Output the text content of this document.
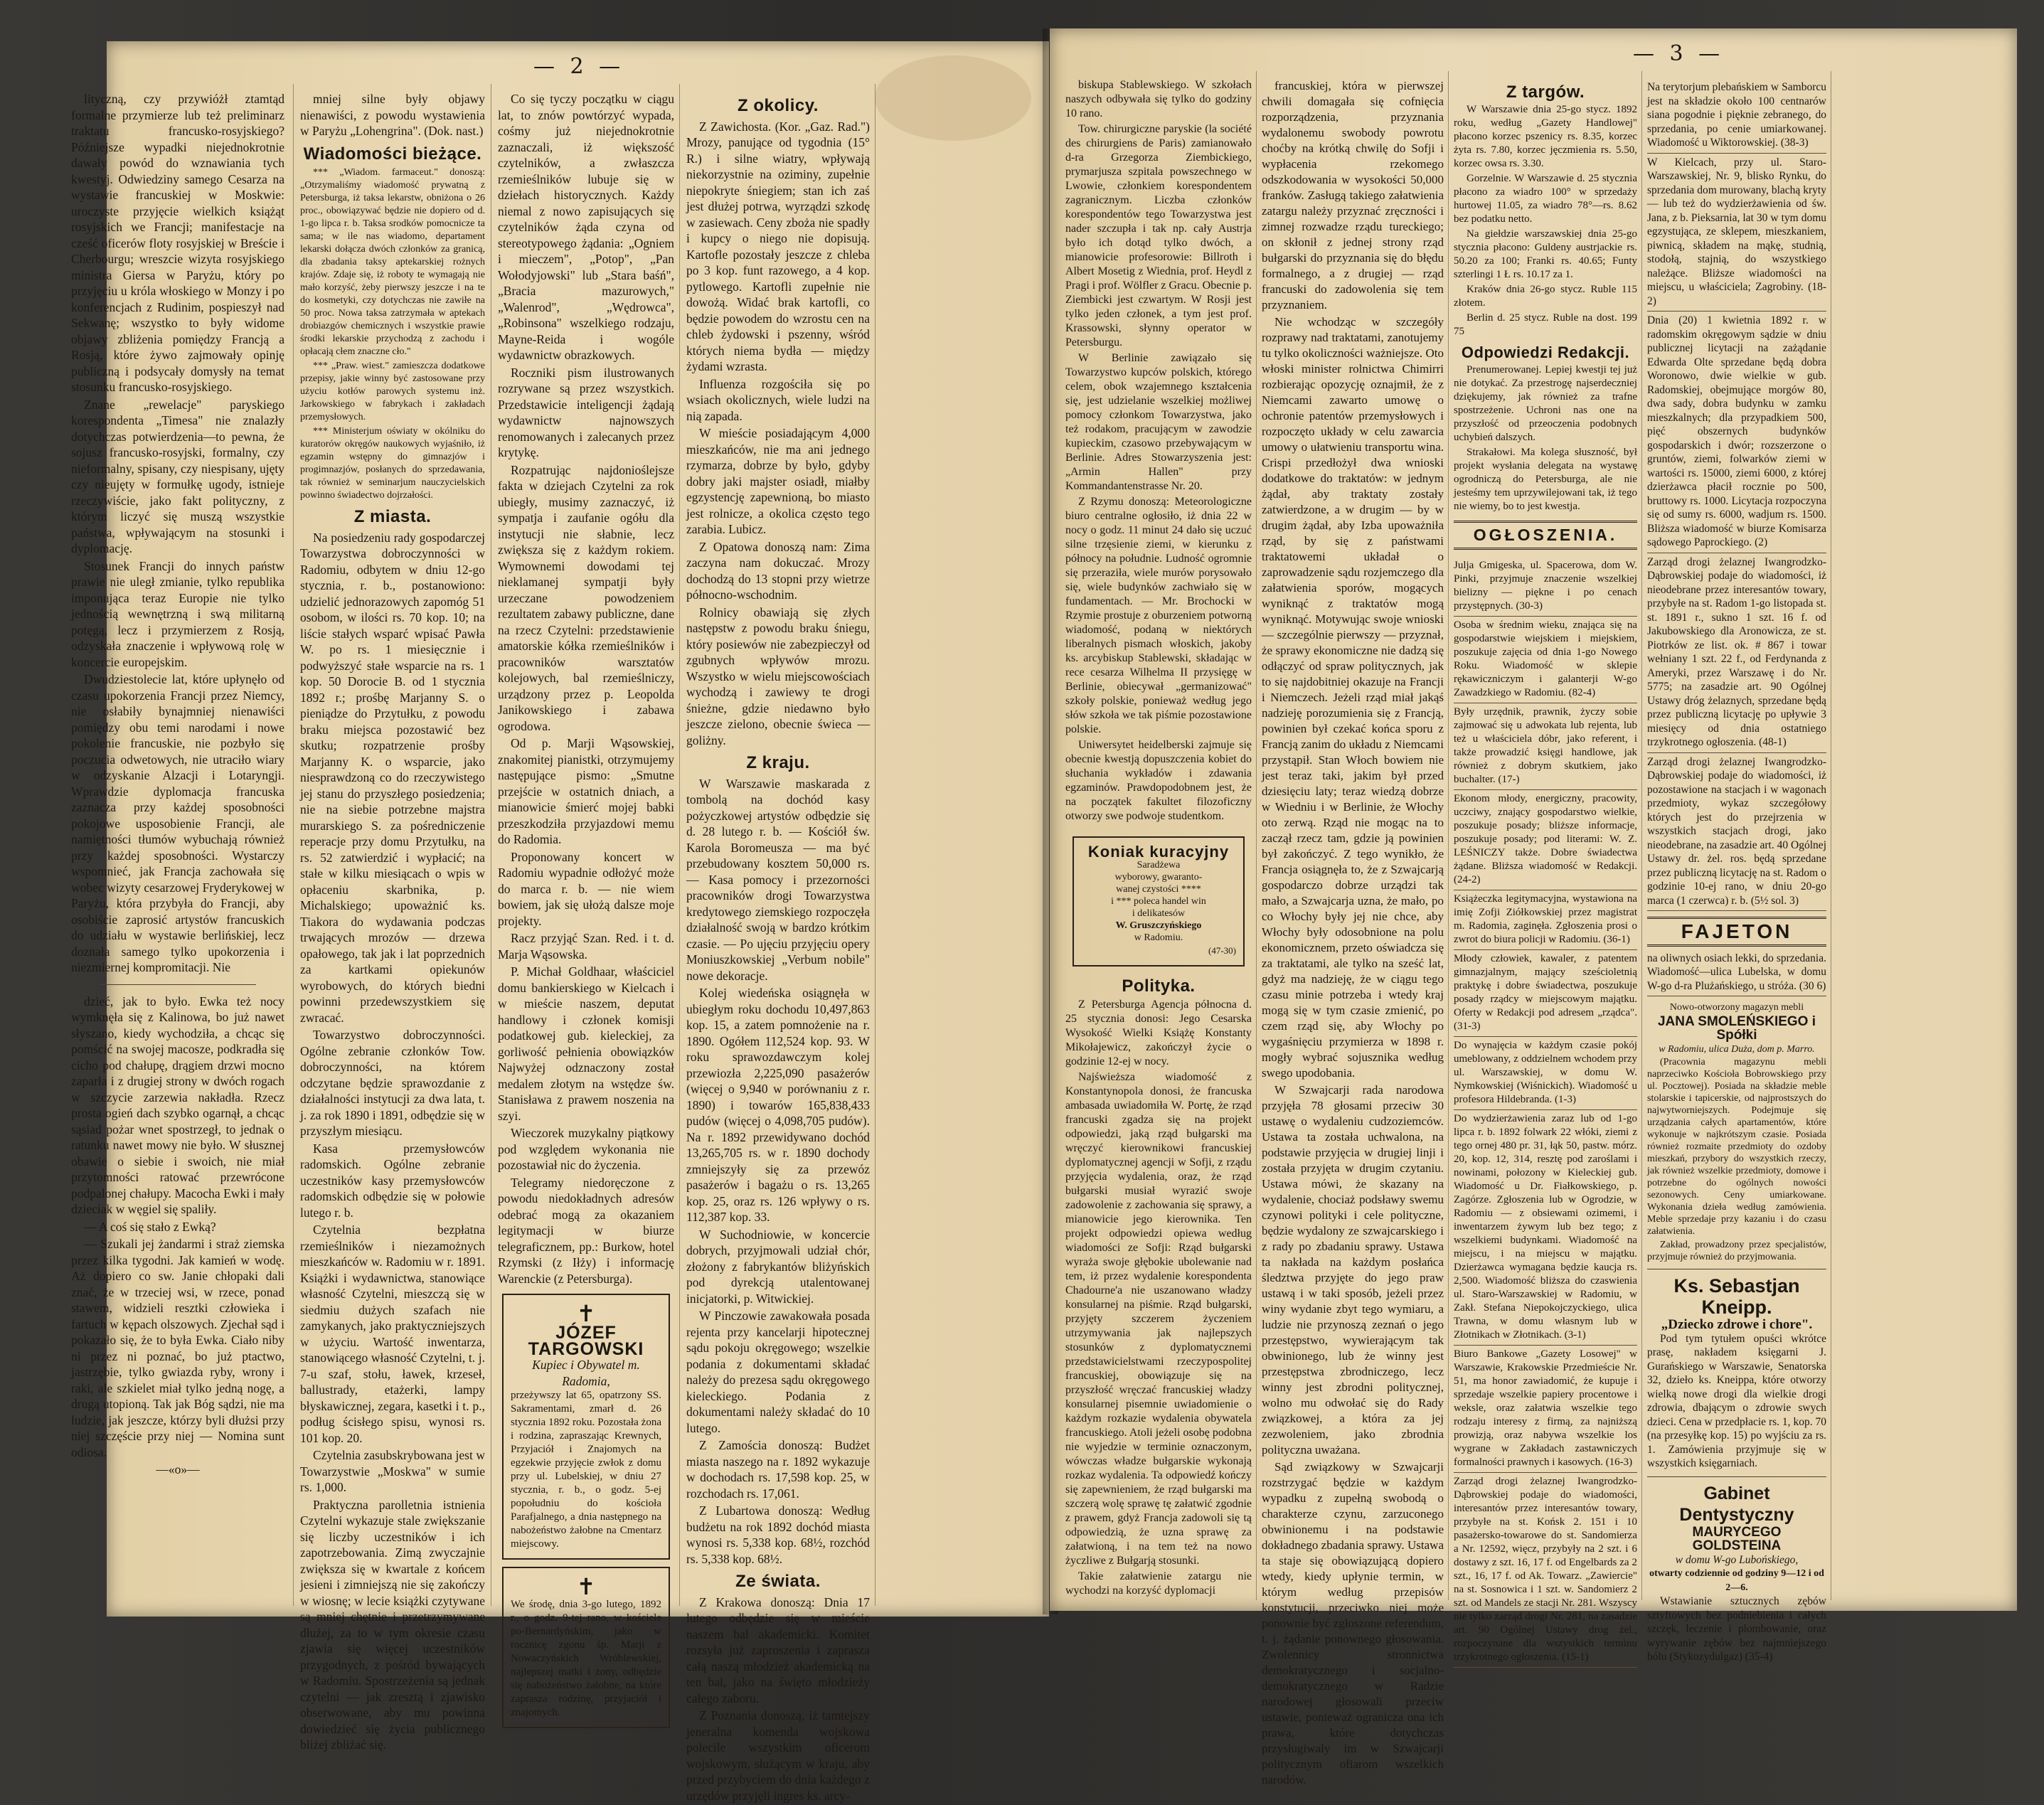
— 2 —

lityczną, czy przywióżł ztamtąd formalne przymierze lub też preliminarz traktatu francusko-rosyjskiego? Późniejsze wypadki niejednokrotnie dawały powód do wznawiania tych kwestyj. Odwiedziny samego Cesarza na wystawie francuskiej w Moskwie: uroczyste przyjęcie wielkich książąt rosyjskich we Francji; manifestacje na cześć oficerów floty rosyjskiej w Breście i Cherbourgu; wreszcie wizyta rosyjskiego ministra Giersa w Paryżu, który po przyjęciu u króla włoskiego w Monzy i po konferencjach z Rudinim, pospieszył nad Sekwanę; wszystko to były widome objawy zbliżenia pomiędzy Francją a Rosją, które żywo zajmowały opinję publiczną i podsycały domysły na temat stosunku francusko-rosyjskiego.

Znane „rewelacje" paryskiego korespondenta „Timesa" nie znalazły dotychczas potwierdzenia—to pewna, że sojusz francusko-rosyjski, formalny, czy nieformalny, spisany, czy niespisany, ujęty czy nieujęty w formułkę ugody, istnieje rzeczywiście, jako fakt polityczny, z którym liczyć się muszą wszystkie państwa, wpływającym na stosunki i dyplomację.

Stosunek Francji do innych państw prawie nie uległ zmianie, tylko republika imponująca teraz Europie nie tylko jednością wewnętrzną i swą militarną potęgą, lecz i przymierzem z Rosją, odzyskała znaczenie i wpływową rolę w koncercie europejskim.

Dwudziestolecie lat, które upłynęło od czasu upokorzenia Francji przez Niemcy, nie osłabiły bynajmniej nienawiści pomiędzy obu temi narodami i nowe pokolenie francuskie, nie pozbyło się poczucia odwetowych, nie utraciło wiary w odzyskanie Alzacji i Lotaryngji. Wprawdzie dyplomacja francuska zaznacza przy każdej sposobności pokojowe usposobienie Francji, ale namiętności tłumów wybuchają również przy każdej sposobności. Wystarczy wspomnieć, jak Francja zachowała się wobec wizyty cesarzowej Fryderykowej w Paryżu, która przybyła do Francji, aby osobiście zaprosić artystów francuskich do udziału w wystawie berlińskiej, lecz doznała samego tylko upokorzenia i niezmiernej kompromitacji. Nie

dzieć, jak to było. Ewka też nocy wymknęła się z Kalinowa, bo już nawet słyszano, kiedy wychodziła, a chcąc się pomścić na swojej macosze, podkradła się cicho pod chałupę, drągiem drzwi mocno zaparła i z drugiej strony w dwóch rogach w szczycie zarzewia nakładła. Rzecz prosta ogień dach szybko ogarnął, a chcąc sąsiad pożar wnet spostrzegł, to jednak o ratunku nawet mowy nie było. W słusznej obawie o siebie i swoich, nie miał przytomności ratować przewrócone podpalonej chałupy. Macocha Ewki i mały dzieciak w węgiel się spaliły.

— A coś się stało z Ewką?

— Szukali jej żandarmi i straż ziemska przez kilka tygodni. Jak kamień w wodę. Aż dopiero co sw. Janie chłopaki dali znać, że w trzeciej wsi, w rzece, ponad stawem, widzieli resztki człowieka i fartuch w kępach olszowych. Zjechał sąd i pokazało się, że to była Ewka. Ciało niby ni przez ni poznać, bo już ptactwo, jastrzębie, tylko gwiazda ryby, wrony i raki, ale szkielet miał tylko jedną nogę, a drugą utopioną. Tak jak Bóg sądzi, nie ma ludzie, jak jeszcze, którzy byli dłużsi przy niej szczęście przy niej — Nomina sunt odiosa.

—«o»—

mniej silne były objawy nienawiści, z powodu wystawienia w Paryżu „Lohengrina". (Dok. nast.)

Wiadomości bieżące.

*** „Wiadom. farmaceut." donoszą: „Otrzymaliśmy wiadomość prywatną z Petersburga, iż taksa lekarstw, obniżona o 26 proc., obowiązywać będzie nie dopiero od d. 1-go lipca r. b. Taksa srodków pomocnicze ta sama; w ile nas wiadomo, departament lekarski dołącza dwóch członków za granicą, dla zbadania taksy aptekarskiej rożnych krajów. Zdaje się, iż roboty te wymagają nie mało korzyść, żeby pierwszy jeszcze i na te do kosmetyki, czy dotychczas nie zawiłe na 50 proc. Nowa taksa zatrzymała w aptekach drobiazgów chemicznych i wszystkie prawie środki lekarskie przychodzą z zachodu i opłacają cłem znaczne cło."

*** „Praw. wiest." zamieszcza dodatkowe przepisy, jakie winny być zastosowane przy użyciu kotłów parowych systemu inż. Jarkowskiego w fabrykach i zakładach przemysłowych.

*** Ministerjum oświaty w okólniku do kuratorów okręgów naukowych wyjaśniło, iż egzamin wstępny do gimnazjów i progimnazjów, posłanych do sprzedawania, tak również w seminarjum nauczycielskich powinno świadectwo dojrzałości.

Z miasta.

Na posiedzeniu rady gospodarczej Towarzystwa dobroczynności w Radomiu, odbytem w dniu 12-go stycznia, r. b., postanowiono: udzielić jednorazowych zapomóg 51 osobom, w ilości rs. 70 kop. 10; na liście stałych wsparć wpisać Pawła W. po rs. 1 miesięcznie i podwyższyć stałe wsparcie na rs. 1 kop. 50 Dorocie B. od 1 stycznia 1892 r.; prośbę Marjanny S. o pieniądze do Przytułku, z powodu braku miejsca pozostawić bez skutku; rozpatrzenie prośby Marjanny K. o wsparcie, jako niesprawdzoną co do rzeczywistego jej stanu do przyszłego posiedzenia; nie na siebie potrzebne majstra murarskiego S. za pośredniczenie reperacje przy domu Przytułku, na rs. 52 zatwierdzić i wypłacić; na stałe w kilku miesiącach o wpis w opłaceniu skarbnika, p. Michalskiego; upoważnić ks. Tiakora do wydawania podczas trwających mrozów — drzewa opałowego, tak jak i lat poprzednich za kartkami opiekunów wyrobowych, do których biedni powinni przedewszystkiem się zwracać.

Towarzystwo dobroczynności. Ogólne zebranie członków Tow. dobroczynności, na którem odczytane będzie sprawozdanie z działalności instytucji za dwa lata, t. j. za rok 1890 i 1891, odbędzie się w przyszłym miesiącu.

Kasa przemysłowców radomskich. Ogólne zebranie uczestników kasy przemysłowców radomskich odbędzie się w połowie lutego r. b.

Czytelnia bezpłatna rzemieślników i niezamożnych mieszkańców w. Radomiu w r. 1891. Książki i wydawnictwa, stanowiące własność Czytelni, mieszczą się w siedmiu dużych szafach nie zamykanych, jako praktyczniejszych w użyciu. Wartość inwentarza, stanowiącego własność Czytelni, t. j. 7-u szaf, stołu, ławek, krzeseł, ballustrady, etażerki, lampy błyskawicznej, zegara, kasetki i t. p., podług ścisłego spisu, wynosi rs. 101 kop. 20.

Czytelnia zasubskrybowana jest w Towarzystwie „Moskwa" w sumie rs. 1,000.

Praktyczna parolletnia istnienia Czytelni wykazuje stale zwiększanie się liczby uczestników i ich zapotrzebowania. Zimą zwyczajnie zwiększa się w kwartale z końcem jesieni i zimniejszą nie się zakończy w wiosnę; w lecie książki czytywane są mniej chętnie i przetrzymywane dłużej, za to w tym okresie czasu zjawia się więcej uczestników przygodnych, z pośród bywających w Radomiu. Spostrzeżenia są jednak czytelni — jak zresztą i zjawisko obserwowane, aby mu powinna dowiedzieć się życia publicznego bliżej zbliżać się.

Co się tyczy początku w ciągu lat, to znów powtórzyć wypada, cośmy już niejednokrotnie zaznaczali, iż większość czytelników, a zwłaszcza rzemieślników lubuje się w dziełach historycznych. Każdy niemal z nowo zapisujących się czytelników żąda czyna od stereotypowego żądania: „Ogniem i mieczem", „Potop", „Pan Wołodyjowski" lub „Stara baśń", „Bracia mazurowych," „Walenrod", „Wędrowca", „Robinsona" wszelkiego rodzaju, Mayne-Reida i wogóle wydawnictw obrazkowych.

Roczniki pism ilustrowanych rozrywane są przez wszystkich. Przedstawicie inteligencji żądają wydawnictw najnowszych renomowanych i zalecanych przez krytykę.

Rozpatrując najdonioślejsze fakta w dziejach Czytelni za rok ubiegły, musimy zaznaczyć, iż sympatja i zaufanie ogółu dla instytucji nie słabnie, lecz zwiększa się z każdym rokiem. Wymownemi dowodami tej nieklamanej sympatji były urzeczane powodzeniem rezultatem zabawy publiczne, dane na rzecz Czytelni: przedstawienie amatorskie kółka rzemieślników i pracowników warsztatów kolejowych, bal rzemieślniczy, urządzony przez p. Leopolda Janikowskiego i zabawa ogrodowa.

Od p. Marji Wąsowskiej, znakomitej pianistki, otrzymujemy następujące pismo: „Smutne przejście w ostatnich dniach, a mianowicie śmierć mojej babki przeszkodziła przyjazdowi memu do Radomia.

Proponowany koncert w Radomiu wypadnie odłożyć może do marca r. b. — nie wiem bowiem, jak się ułożą dalsze moje projekty.

Racz przyjąć Szan. Red. i t. d. Marja Wąsowska.

P. Michał Goldhaar, właściciel domu bankierskiego w Kielcach i w mieście naszem, deputat handlowy i członek komisji podatkowej gub. kieleckiej, za gorliwość pełnienia obowiązków Najwyżej odznaczony został medalem złotym na wstędze św. Stanisława z prawem noszenia na szyi.

Wieczorek muzykalny piątkowy pod względem wykonania nie pozostawiał nic do życzenia.

Telegramy niedoręczone z powodu niedokładnych adresów odebrać mogą za okazaniem legitymacji w biurze telegraficznem, pp.: Burkow, hotel Rzymski (z Iłży) i informację Warenckie (z Petersburga).

✝
JÓZEF TARGOWSKI
Kupiec i Obywatel m. Radomia,
przeżywszy lat 65, opatrzony SS. Sakramentami, zmarł d. 26 stycznia 1892 roku. Pozostała żona i rodzina, zapraszając Krewnych, Przyjaciół i Znajomych na egzekwie przyjęcie zwłok z domu przy ul. Lubelskiej, w dniu 27 stycznia, r. b., o godz. 5-ej popołudniu do kościoła Parafjalnego, a dnia następnego na nabożeństwo żałobne na Cmentarz miejscowy.
✝
We środę, dnia 3-go lutego, 1892 r., o godz. 9-tej rano, w kościele po-Bernardyńskim, jako w rocznicę zgonu śp. Marji z Nowaczyńskich Wróblewskiej, najlepszej matki i żony, odbędzie się nabożeństwo żałobne, na które zaprasza rodzinę, przyjaciół i znajomych.
Z okolicy.

Z Zawichosta. (Kor. „Gaz. Rad.") Mrozy, panujące od tygodnia (15° R.) i silne wiatry, wpływają niekorzystnie na oziminy, zupełnie niepokryte śniegiem; stan ich zaś jest dłużej potrwa, wyrządzi szkodę w zasiewach. Ceny zboża nie spadły i kupcy o niego nie dopisują. Kartofle pozostały jeszcze z chleba po 3 kop. funt razowego, a 4 kop. pytlowego. Kartofli zupełnie nie dowożą. Widać brak kartofli, co będzie powodem do wzrostu cen na chleb żydowski i pszenny, wśród których niema bydła — między żydami wzrasta.

Influenza rozgościła się po wsiach okolicznych, wiele ludzi na nią zapada.

W mieście posiadającym 4,000 mieszkańców, nie ma ani jednego rzymarza, dobrze by było, gdyby dobry jaki majster osiadł, miałby egzystencję zapewnioną, bo miasto jest rolnicze, a okolica często tego zarabia. Lubicz.

Z Opatowa donoszą nam: Zima zaczyna nam dokuczać. Mrozy dochodzą do 13 stopni przy wietrze północno-wschodnim.

Rolnicy obawiają się złych następstw z powodu braku śniegu, który posiewów nie zabezpieczył od zgubnych wpływów mrozu. Wszystko w wielu miejscowościach wychodzą i zawiewy te drogi śnieżne, gdzie niedawno było jeszcze zielono, obecnie świeca — goliżny.

Z kraju.

W Warszawie maskarada z tombolą na dochód kasy pożyczkowej artystów odbędzie się d. 28 lutego r. b. — Kościół św. Karola Boromeusza — ma być przebudowany kosztem 50,000 rs. — Kasa pomocy i przezorności pracowników drogi Towarzystwa kredytowego ziemskiego rozpoczęła działalność swoją w bardzo krótkim czasie. — Po ujęciu przyjęciu opery Moniuszkowskiej „Verbum nobile" nowe dekoracje.

Kolej wiedeńska osiągnęła w ubiegłym roku dochodu 10,497,863 kop. 15, a zatem pomnożenie na r. 1890. Ogółem 112,524 kop. 93. W roku sprawozdawczym kolej przewiozła 2,225,090 pasażerów (więcej o 9,940 w porównaniu z r. 1890) i towarów 165,838,433 pudów (więcej o 4,098,705 pudów). Na r. 1892 przewidywano dochód 13,265,705 rs. w r. 1890 dochody zmniejszyły się za przewóz pasażerów i bagażu o rs. 13,265 kop. 25, oraz rs. 126 wpływy o rs. 112,387 kop. 33.

W Suchodniowie, w koncercie dobrych, przyjmowali udział chór, złożony z fabrykantów bliżyńskich pod dyrekcją utalentowanej inicjatorki, p. Witwickiej.

W Pinczowie zawakowała posada rejenta przy kancelarji hipotecznej sądu pokoju okręgowego; wszelkie podania z dokumentami składać należy do prezesa sądu okręgowego kieleckiego. Podania z dokumentami należy składać do 10 lutego.

Z Zamościa donoszą: Budżet miasta naszego na r. 1892 wykazuje w dochodach rs. 17,598 kop. 25, w rozchodach rs. 17,061.

Z Lubartowa donoszą: Według budżetu na rok 1892 dochód miasta wynosi rs. 5,338 kop. 68½, rozchód rs. 5,338 kop. 68½.

Ze świata.

Z Krakowa donoszą: Dnia 17 lutego odbędzie się w mieście naszem bal akademicki. Komitet rozsyła już zaproszenia i zaprasza całą naszą młodzież akademicką na ten bal, jako na święto młodzieży całego zaboru.

Z Poznania donoszą, iż tamtejszy jeneralna komenda wojskowa polecile wszystkim oficerom wojskowym, służącym w kraju, aby przed przybyciem do dnia każdego z urzędów przyjęli ingres ks. arcy-

— 3 —

biskupa Stablewskiego. W szkołach naszych odbywała się tylko do godziny 10 rano.

Tow. chirurgiczne paryskie (la société des chirurgiens de Paris) zamianowało d-ra Grzegorza Ziembickiego, prymarjusza szpitala powszechnego w Lwowie, członkiem korespondentem zagranicznym. Liczba członków korespondentów tego Towarzystwa jest nader szczupła i tak np. cały Austrja było ich dotąd tylko dwóch, a mianowicie profesorowie: Billroth i Albert Mosetig z Wiednia, prof. Heydl z Pragi i prof. Wölfler z Gracu. Obecnie p. Ziembicki jest czwartym. W Rosji jest tylko jeden członek, a tym jest prof. Krassowski, słynny operator w Petersburgu.

W Berlinie zawiązało się Towarzystwo kupców polskich, którego celem, obok wzajemnego kształcenia się, jest udzielanie wszelkiej możliwej pomocy członkom Towarzystwa, jako też rodakom, pracującym w zawodzie kupieckim, czasowo przebywającym w Berlinie. Adres Stowarzyszenia jest: „Armin Hallen" przy Kommandantenstrasse Nr. 20.

Z Rzymu donoszą: Meteorologiczne biuro centralne ogłosiło, iż dnia 22 w nocy o godz. 11 minut 24 dało się uczuć silne trzęsienie ziemi, w kierunku z północy na południe. Ludność ogromnie się przeraziła, wiele murów porysowało się, wiele budynków zachwiało się w fundamentach. — Mr. Brochocki w Rzymie prostuje z oburzeniem potworną wiadomość, podaną w niektórych liberalnych pismach włoskich, jakoby ks. arcybiskup Stablewski, składając w rece cesarza Wilhelma II przysięgę w Berlinie, obiecywał „germanizować" szkoły polskie, ponieważ według jego słów szkoła we tak piśmie pozostawione polskie.

Uniwersytet heidelberski zajmuje się obecnie kwestją dopuszczenia kobiet do słuchania wykładów i zdawania egzaminów. Prawdopodobnem jest, że na początek fakultet filozoficzny otworzy swe podwoje studentkom.

Koniak kuracyjny
Saradżewa
wyborowy, gwaranto-
wanej czystości ****
i *** poleca handel win
i delikatesów
W. Gruszczyńskiego
w Radomiu.
(47-30)
Polityka.

Z Petersburga Agencja północna d. 25 stycznia donosi: Jego Cesarska Wysokość Wielki Książę Konstanty Mikołajewicz, zakończył życie o godzinie 12-ej w nocy.

Najświeższa wiadomość z Konstantynopola donosi, że francuska ambasada uwiadomiła W. Portę, że rząd francuski zgadza się na projekt odpowiedzi, jaką rząd bułgarski ma wręczyć kierownikowi francuskiej dyplomatycznej agencji w Sofji, z rządu przyjęcia wydalenia, oraz, że rząd bułgarski musiał wyrazić swoje zadowolenie z zachowania się sprawy, a mianowicie jego kierownika. Ten projekt odpowiedzi opiewa według wiadomości ze Sofji: Rząd bułgarski wyraża swoje głębokie ubolewanie nad tem, iż przez wydalenie korespondenta Chadourne'a nie uszanowano władzy konsularnej na piśmie. Rząd bułgarski, przyjęty szczerem życzeniem utrzymywania jak najlepszych stosunków z dyplomatycznemi przedstawicielstwami rzeczypospolitej francuskiej, obowiązuje się na przyszłość wręczać francuskiej władzy konsularnej pisemnie uwiadomienie o każdym rozkazie wydalenia obywatela francuskiego. Atoli jeżeli osobę podobna nie wyjedzie w terminie oznaczonym, wówczas władze bułgarskie wykonają rozkaz wydalenia. Ta odpowiedź kończy się zapewnieniem, że rząd bułgarski ma szczerą wolę sprawę tę załatwić zgodnie z prawem, gdyż Francja zadowoli się tą odpowiedzią, że uzna sprawę za załatwioną, i na tem też na nowo życzliwe z Bułgarją stosunki.

Takie załatwienie zatargu nie wychodzi na korzyść dyplomacji

francuskiej, która w pierwszej chwili domagała się cofnięcia rozporządzenia, przyznania wydalonemu swobody powrotu choćby na krótką chwilę do Sofji i wypłacenia rzekomego odszkodowania w wysokości 50,000 franków. Zasługą takiego załatwienia zatargu należy przyznać zręczności i zimnej rozwadze rządu tureckiego; on skłonił z jednej strony rząd bułgarski do przyznania się do błędu formalnego, a z drugiej — rząd francuski do zadowolenia się tem przyznaniem.

Nie wchodząc w szczegóły rozprawy nad traktatami, zanotujemy tu tylko okoliczności ważniejsze. Oto włoski minister rolnictwa Chimirri rozbierając opozycję oznajmił, że z Niemcami zawarto umowę o ochronie patentów przemysłowych i rozpoczęto układy w celu zawarcia umowy o ułatwieniu transportu wina. Crispi przedłożył dwa wnioski dodatkowe do traktatów: w jednym żądał, aby traktaty zostały zatwierdzone, a w drugim — by w drugim żądał, aby Izba upoważniła rząd, by się z państwami traktatowemi układał o zaprowadzenie sądu rozjemczego dla załatwienia sporów, mogących wyniknąć z traktatów mogą wyniknąć. Motywując swoje wnioski — szczególnie pierwszy — przyznał, że sprawy ekonomiczne nie dadzą się odłączyć od spraw politycznych, jak to się najdobitniej okazuje na Francji i Niemczech. Jeżeli rząd miał jakąś nadzieję porozumienia się z Francją, powinien był czekać końca sporu z Francją zanim do układu z Niemcami przystąpił. Stan Włoch bowiem nie jest teraz taki, jakim był przed dziesięciu laty; teraz wiedzą dobrze w Wiedniu i w Berlinie, że Włochy oto zerwą. Rząd nie mogąc na to zaczął rzecz tam, gdzie ją powinien był zakończyć. Z tego wynikło, że Francja osiągnęła to, że z Szwajcarją gospodarczo dobrze urządzi tak mało, a Szwajcarja uzna, że mało, po co Włochy były jej nie chce, aby Włochy były odosobnione na polu ekonomicznem, przeto oświadcza się za traktatami, ale tylko na sześć lat, gdyż ma nadzieję, że w ciągu tego czasu minie potrzeba i wtedy kraj mogą się w tym czasie zmienić, po czem rząd się, aby Włochy po wygaśnięciu przymierza w 1898 r. mogły wybrać sojusznika według swego upodobania.

W Szwajcarji rada narodowa przyjęła 78 głosami przeciw 30 ustawę o wydaleniu cudzoziemców. Ustawa ta została uchwalona, na podstawie przyjęcia w drugiej linji i została przyjęta w drugim czytaniu. Ustawa mówi, że skazany na wydalenie, chociaż podsławy swemu czynowi polityki i cele polityczne, będzie wydalony ze szwajcarskiego i z rady po zbadaniu sprawy. Ustawa ta nakłada na każdym posłańca śledztwa przyjęte do jego praw ustawą i w taki sposób, jeżeli przez winy wydanie zbyt tego wymiaru, a ludzie nie przynoszą zeznań o jego przestępstwo, wywierającym tak obwinionego, lub że winny jest przestępstwa zbrodniczego, lecz winny jest zbrodni politycznej, wolno mu odwołać się do Rady związkowej, a która za jej zezwoleniem, jako zbrodnia polityczna uważana.

Sąd związkowy w Szwajcarji rozstrzygać będzie w każdym wypadku z zupełną swobodą o charakterze czynu, zarzuconego obwinionemu i na podstawie dokładnego zbadania sprawy. Ustawa ta staje się obowiązującą dopiero wtedy, kiedy upłynie termin, w którym według przepisów konstytucji, przeciwko niej może ponownie być zgłoszone referendum, t. j. żądanie ponownego głosowania. Zwolennicy stronnictwa demokratycznego i socjalno-demokratycznego w Radzie narodowej głosowali przeciw ustawie, ponieważ ogranicza ona ich prawa, które dotychczas przysługiwały im w Szwajcarji politycznym ofiarom wszelkich narodów.

Z targów.

W Warszawie dnia 25-go stycz. 1892 roku, według „Gazety Handlowej" płacono korzec pszenicy rs. 8.35, korzec żyta rs. 7.80, korzec jęczmienia rs. 5.50, korzec owsa rs. 3.30.

Gorzelnie. W Warszawie d. 25 stycznia płacono za wiadro 100° w sprzedaży hurtowej 11.05, za wiadro 78°—rs. 8.62 bez podatku netto.

Na giełdzie warszawskiej dnia 25-go stycznia płacono: Guldeny austrjackie rs. 50.20 za 100; Franki rs. 40.65; Funty szterlingi 1 Ł rs. 10.17 za 1.

Kraków dnia 26-go stycz. Ruble 115 złotem.

Berlin d. 25 stycz. Ruble na dost. 199 75

Odpowiedzi Redakcji.

Prenumerowanej. Lepiej kwestji tej już nie dotykać. Za przestrogę najserdeczniej dziękujemy, jak również za trafne spostrzeżenie. Uchroni nas one na przyszłość od przeoczenia podobnych uchybień dalszych.

Strakałowi. Ma kolega słuszność, był projekt wysłania delegata na wystawę ogrodniczą do Petersburga, ale nie jesteśmy tem uprzywilejowani tak, iż tego nie wiemy, bo to jest kwestja.

OGŁOSZENIA.
Julja Gmigeska, ul. Spacerowa, dom W. Pinki, przyjmuje znaczenie wszelkiej bielizny — piękne i po cenach przystępnych. (30-3)
Osoba w średnim wieku, znająca się na gospodarstwie wiejskiem i miejskiem, poszukuje zajęcia od dnia 1-go Nowego Roku. Wiadomość w sklepie rękawiczniczym i galanterji W-go Zawadzkiego w Radomiu. (82-4)
Były urzędnik, prawnik, życzy sobie zajmować się u adwokata lub rejenta, lub też u właściciela dóbr, jako referent, i także prowadzić księgi handlowe, jak również z dobrym skutkiem, jako buchalter. (17-)
Ekonom młody, energiczny, pracowity, uczciwy, znający gospodarstwo wielkie, poszukuje posady; bliższe informacje, poszukuje posady; pod literami: W. Z. LEŚNICZY także. Dobre świadectwa żądane. Bliższa wiadomość w Redakcji. (24-2)
Książeczka legitymacyjna, wystawiona na imię Zofji Ziółkowskiej przez magistrat m. Radomia, zaginęła. Zgłoszenia prosi o zwrot do biura policji w Radomiu. (36-1)
Młody człowiek, kawaler, z patentem gimnazjalnym, mający sześcioletnią praktykę i dobre świadectwa, poszukuje posady rządcy w miejscowym majątku. Oferty w Redakcji pod adresem „rządca". (31-3)
Do wynajęcia w każdym czasie pokój umeblowany, z oddzielnem wchodem przy ul. Warszawskiej, w domu W. Nymkowskiej (Wiśnickich). Wiadomość u profesora Hildebranda. (1-3)
Do wydzierżawienia zaraz lub od 1-go lipca r. b. 1892 folwark 22 włóki, ziemi z tego ornej 480 pr. 31, łąk 50, pastw. mórz. 20, kop. 12, 314, resztę pod zaroślami i nowinami, połozony w Kieleckiej gub. Wiadomość u Dr. Fiałkowskiego, p. Zagórze. Zgłoszenia lub w Ogrodzie, w Radomiu — z obsiewami ozimemi, i inwentarzem żywym lub bez tego; z wszelkiemi budynkami. Wiadomość na miejscu, i na miejscu w majątku. Dzierżawca wymagana będzie kaucja rs. 2,500. Wiadomość bliższa do czaswienia ul. Staro-Warszawskiej w Radomiu, w Zakł. Stefana Niepokojczyckiego, ulica Trawna, w domu własnym lub w Złotnikach w Złotnikach. (3-1)
Biuro Bankowe „Gazety Losowej" w Warszawie, Krakowskie Przedmieście Nr. 51, ma honor zawiadomić, że kupuje i sprzedaje wszelkie papiery procentowe i weksle, oraz załatwia wszelkie tego rodzaju interesy z firmą, za najniższą prowizją, oraz nabywa wszelkie los wygrane w Zakładach zastawniczych formalności prawnych i kasowych. (16-3)
Zarząd drogi żelaznej Iwangrodzko-Dąbrowskiej podaje do wiadomości, interesantów przez interesantów towary, przybyłe na st. Końsk 2. 151 i 10 pasażersko-towarowe do st. Sandomierza a Nr. 12592, więcz, przybyły na 2 szt. i 6 dostawy z szt. 16, 17 f. od Engelbards za 2 szt., 16, 17 f. od Ak. Towarz. „Zawiercie" na st. Sosnowica i 1 szt. w. Sandomierz 2 szt. od Mandels ze stacji Nr. 281. Wszyscy nie tylko zarząd drogi Nr. 281, na zasadzie art. 90 Ogólnej Ustawy drog żel., rozpoczynane dla wszystkich terminu trzykrotnego ogłoszenia. (15-1)
Na terytorjum plebańskiem w Samborcu jest na składzie około 100 centnarów siana pogodnie i pięknie zebranego, do sprzedania, po cenie umiarkowanej. Wiadomość u Wiktorowskiej. (38-3)
W Kielcach, przy ul. Staro-Warszawskiej, Nr. 9, blisko Rynku, do sprzedania dom murowany, blachą kryty — lub też do wydzierżawienia od św. Jana, z b. Pieksarnia, lat 30 w tym domu egzystująca, ze sklepem, mieszkaniem, piwnicą, składem na mąkę, studnią, stodołą, stajnią, do wszystkiego należące. Bliższe wiadomości na miejscu, u właściciela; Zagrobiny. (18-2)
Dnia (20) 1 kwietnia 1892 r. w radomskim okręgowym sądzie w dniu publicznej licytacji na zażądanie Edwarda Olte sprzedane będą dobra Woronowo, dwie wielkie w gub. Radomskiej, obejmujące morgów 80, dwa sady, dobra budynku w zamku mieszkalnych; dla przypadkiem 500, pięć obszernych budynków gospodarskich i dwór; rozszerzone o gruntów, ziemi, folwarków ziemi w wartości rs. 15000, ziemi 6000, z której dzierżawca płacił rocznie po 500, bruttowy rs. 1000. Licytacja rozpoczyna się od sumy rs. 6000, wadjum rs. 1500. Bliższa wiadomość w biurze Komisarza sądowego Paprockiego. (2)
Zarząd drogi żelaznej Iwangrodzko-Dąbrowskiej podaje do wiadomości, iż nieodebrane przez interesantów towary, przybyłe na st. Radom 1-go listopada st. st. 1891 r., sukno 1 szt. 16 f. od Jakubowskiego dla Aronowicza, ze st. Piotrków ze list. ok. # 867 i towar wełniany 1 szt. 22 f., od Ferdynanda z Ameryki, przez Warszawę i do Nr. 5775; na zasadzie art. 90 Ogólnej Ustawy dróg żelaznych, sprzedane będą przez publiczną licytację po upływie 3 miesięcy od dnia ostatniego trzykrotnego ogłoszenia. (48-1)
Zarząd drogi żelaznej Iwangrodzko-Dąbrowskiej podaje do wiadomości, iż pozostawione na stacjach i w wagonach przedmioty, wykaz szczegółowy których jest do przejrzenia w wszystkich stacjach drogi, jako nieodebrane, na zasadzie art. 40 Ogólnej Ustawy dr. żel. ros. będą sprzedane przez publiczną licytację na st. Radom o godzinie 10-ej rano, w dniu 20-go marca (1 czerwca) r. b. (5½ sol. 3)
FAJETON
na oliwnych osiach lekki, do sprzedania. Wiadomość—ulica Lubelska, w domu W-go d-ra Plużańskiego, u stróża. (30 6)
Nowo-otworzony magazyn mebli
JANA SMOLEŃSKIEGO i Spółki
w Radomiu, ulica Duża, dom p. Marro.

(Pracownia magazynu mebli naprzeciwko Kościoła Bobrowskiego przy ul. Pocztowej). Posiada na składzie meble stolarskie i tapicerskie, od najprostszych do najwytworniejszych. Podejmuje się urządzania całych apartamentów, które wykonuje w najkrótszym czasie. Posiada również rozmaite przedmioty do ozdoby mieszkań, przybory do wszystkich rzeczy, jak również wszelkie przedmioty, domowe i potrzebne do ogólnych nowości sezonowych. Ceny umiarkowane. Wykonania dzieła według zamówienia. Meble sprzedaje przy kazaniu i do czasu załatwienia.

Zakład, prowadzony przez specjalistów, przyjmuje również do przyjmowania.

Ks. Sebastjan Kneipp.
„Dziecko zdrowe i chore".

Pod tym tytułem opuści wkrótce prasę, nakładem księgarni J. Gurańskiego w Warszawie, Senatorska 32, dzieło ks. Kneippa, które otworzy wielką nowe drogi dla wielkie drogi zdrowia, dbającym o zdrowie swych dzieci. Cena w przedpłacie rs. 1, kop. 70 (na przesyłkę kop. 15) po wyjściu za rs. 1. Zamówienia przyjmuje się w wszystkich księgarniach.

Gabinet Dentystyczny
MAURYCEGO GOLDSTEINA
w domu W-go Lubońskiego,
otwarty codziennie od godziny 9—12 i od 2—6.

Wstawianie sztucznych zębów sztyftowych bez podniebienia i całych szczęk, leczenie i plombowanie, oraz wyrywanie zębów bez najmniejszego bólu (Stykozydulgaz) (35-4)
